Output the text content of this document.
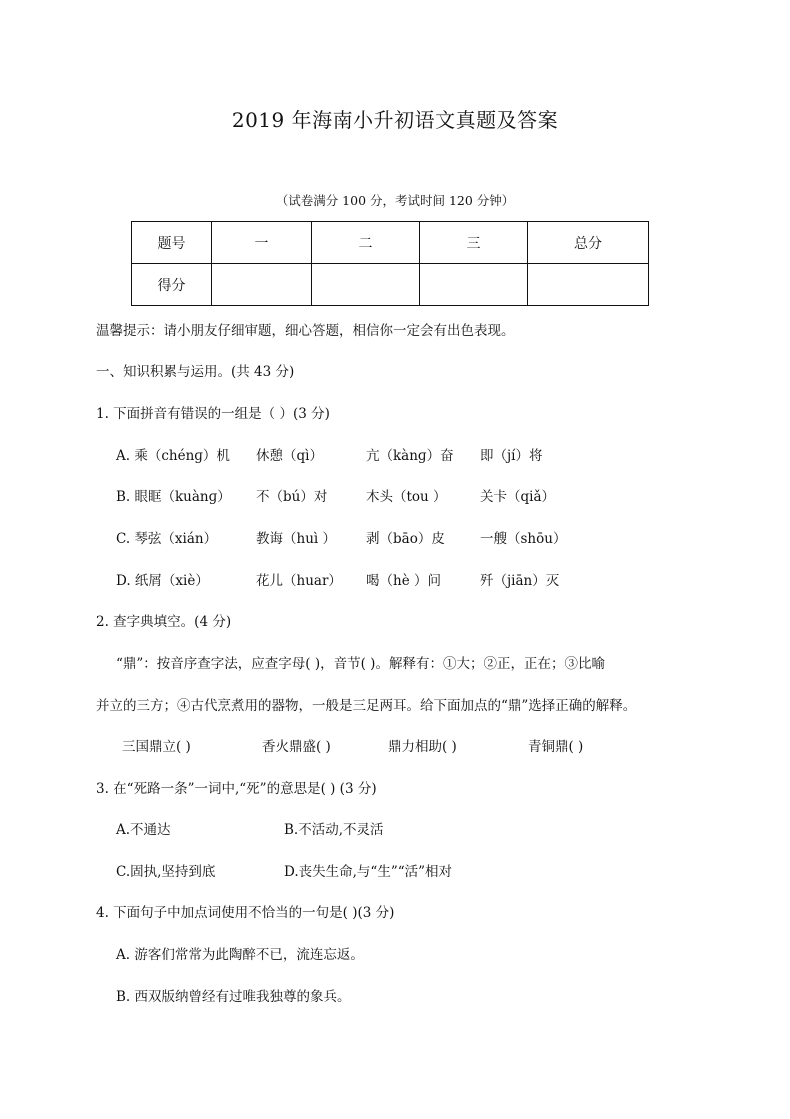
2019 年海南小升初语文真题及答案
（试卷满分 100 分，考试时间 120 分钟）
题号	一	二	三	总分
得分				
温馨提示：请小朋友仔细审题，细心答题，相信你一定会有出色表现。
一、知识积累与运用。(共 43 分)
1. 下面拼音有错误的一组是（ ）(3 分)
A. 乘（chénɡ）机 休憩（qì）	亢（kànɡ）奋 即（jí）将
B. 眼眶（kuànɡ） 不（bú）对	木头（tou ） 关卡（qiǎ）
C. 琴弦（xián）	教诲（huì ） 剥（bāo）皮	一艘（shōu）
D. 纸屑（xiè）	花儿（huar） 喝（hè ）问	歼（jiān）灭
2. 查字典填空。(4 分)
“鼎”：按音序查字法，应查字母( )，音节( )。解释有：①大；②正，正在；③比喻
并立的三方；④古代烹煮用的器物，一般是三足两耳。给下面加点的“鼎”选择正确的解释。
三国鼎立( )	香火鼎盛( )	鼎力相助( )	青铜鼎( )
3. 在“死路一条”一词中,“死”的意思是( ) (3 分)
A.不通达	B.不活动,不灵活
C.固执,坚持到底	D.丧失生命,与“生”“活”相对
4. 下面句子中加点词使用不恰当的一句是( )(3 分)
A. 游客们常常为此陶醉不已，流连忘返。
B. 西双版纳曾经有过唯我独尊的象兵。
